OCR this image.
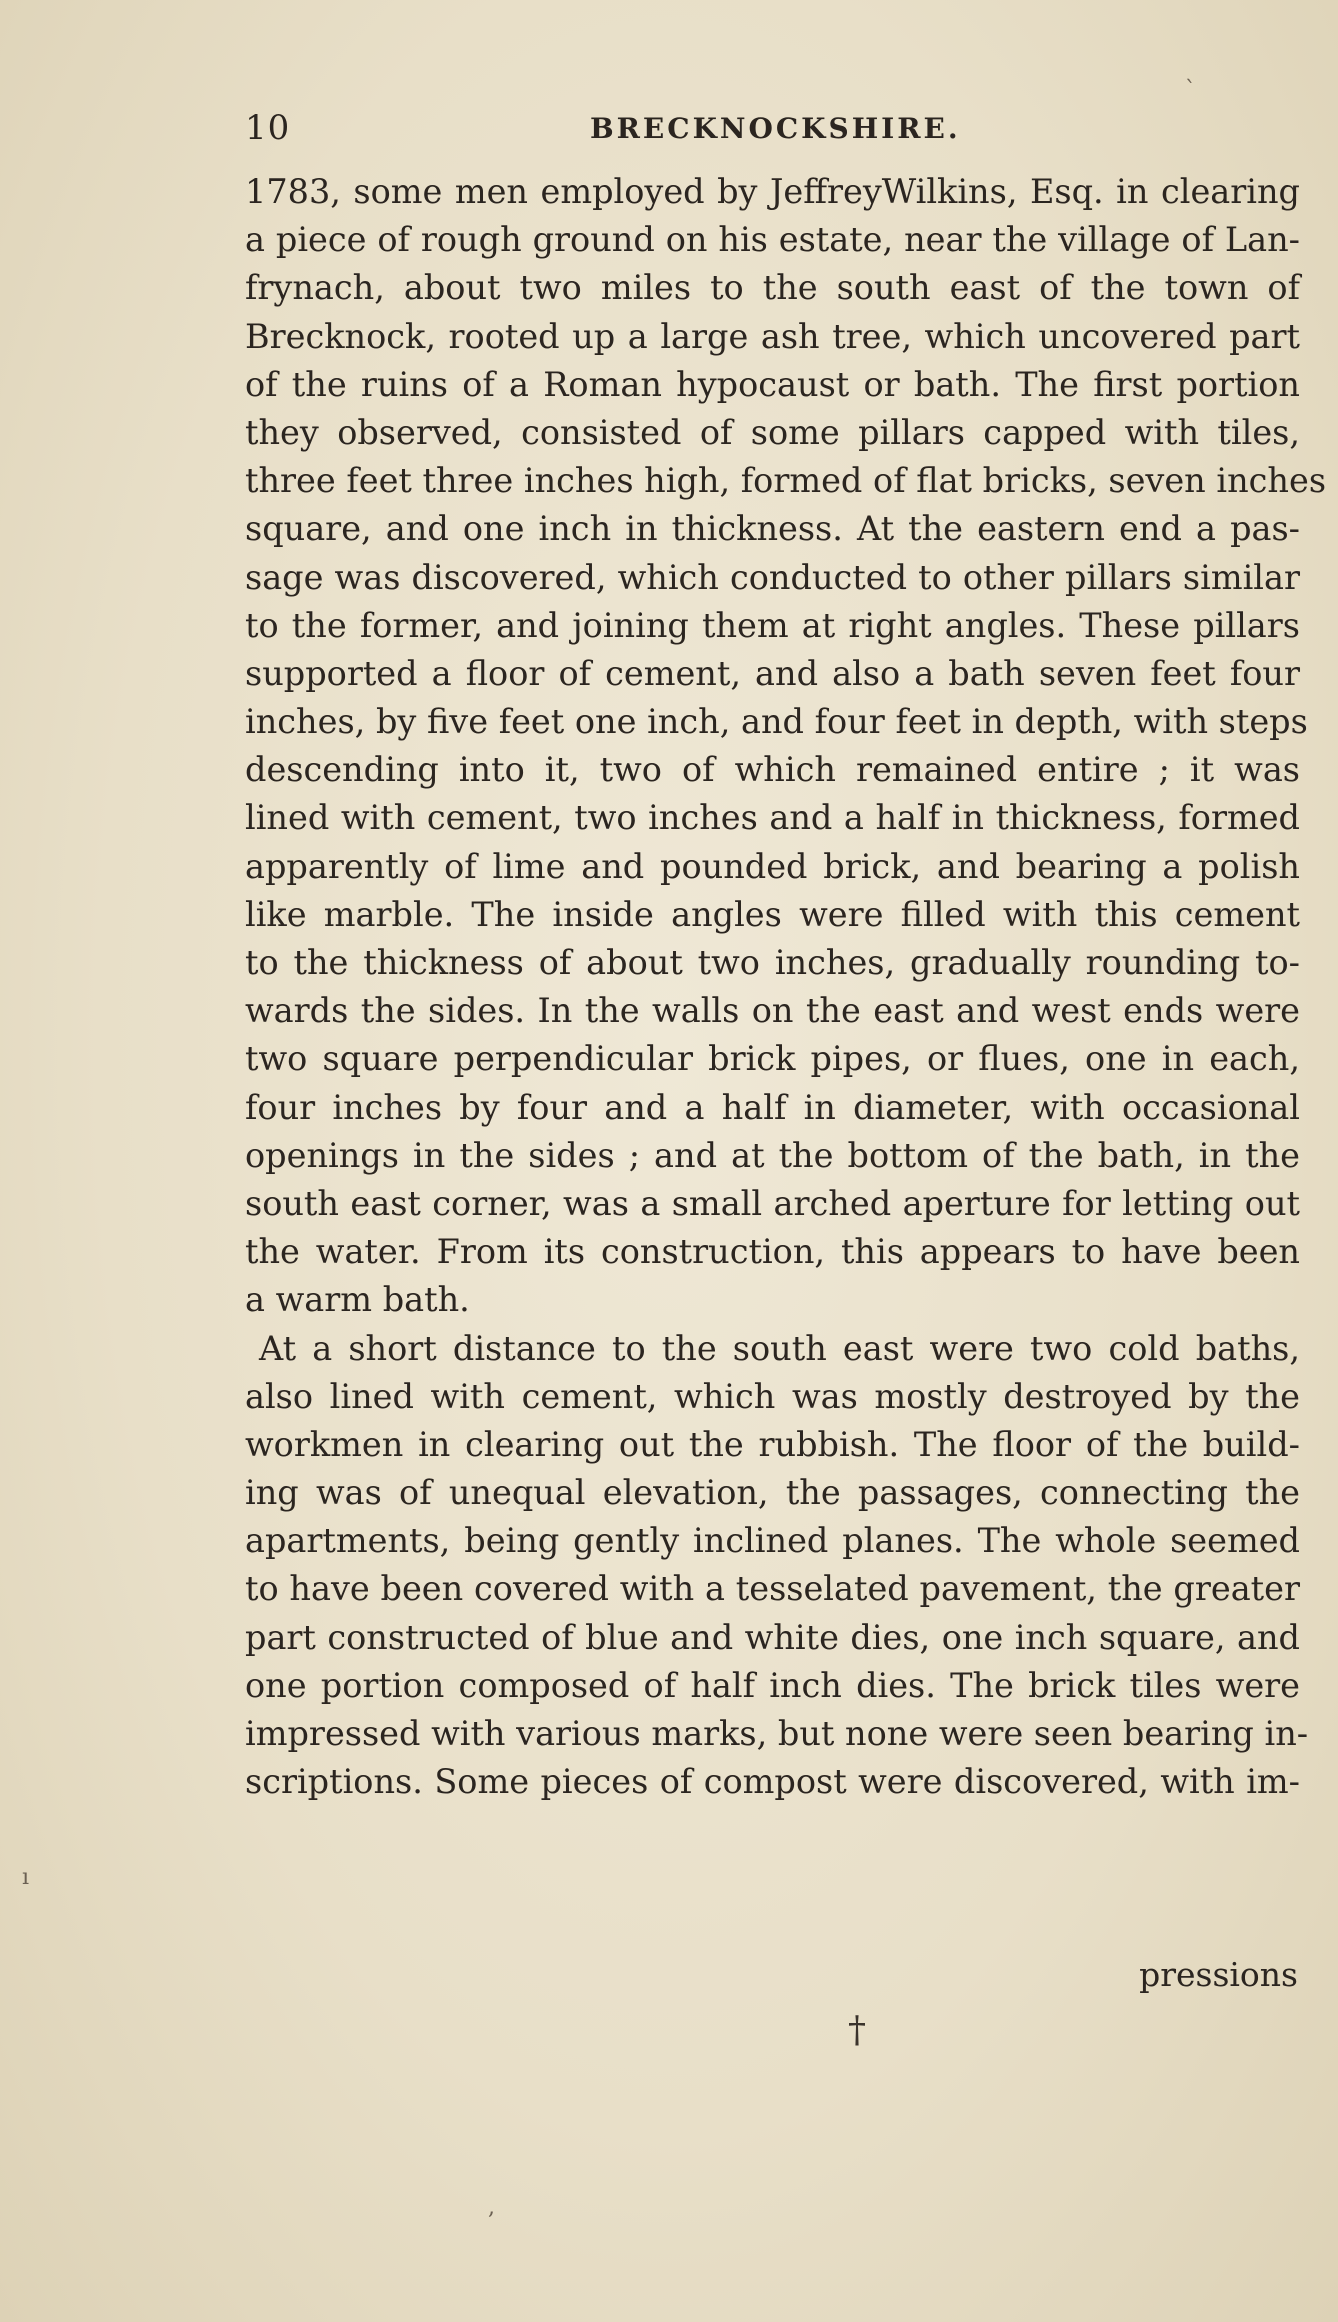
10	BRECKNOCKSHIRE.
1783, some men employed by JeffreyWilkins, Esq. in clearing
a piece of rough ground on his estate, near the village of Lan-
frynach, about two miles to the south east of the town of
Brecknock, rooted up a large ash tree, which uncovered part
of the ruins of a Roman hypocaust or bath. The first portion
they observed, consisted of some pillars capped with tiles,
three feet three inches high, formed of flat bricks, seven inches
square, and one inch in thickness. At the eastern end a pas-
sage was discovered, which conducted to other pillars similar
to the former, and joining them at right angles. These pillars
supported a floor of cement, and also a bath seven feet four
inches, by five feet one inch, and four feet in depth, with steps
descending into it, two of which remained entire ; it was
lined with cement, two inches and a half in thickness, formed
apparently of lime and pounded brick, and bearing a polish
like marble. The inside angles were filled with this cement
to the thickness of about two inches, gradually rounding to-
wards the sides. In the walls on the east and west ends were
two square perpendicular brick pipes, or flues, one in each,
four inches by four and a half in diameter, with occasional
openings in the sides ; and at the bottom of the bath, in the
south east corner, was a small arched aperture for letting out
the water. From its construction, this appears to have been
a warm bath.
At a short distance to the south east were two cold baths,
also lined with cement, which was mostly destroyed by the
workmen in clearing out the rubbish. The floor of the build-
ing was of unequal elevation, the passages, connecting the
apartments, being gently inclined planes. The whole seemed
to have been covered with a tesselated pavement, the greater
part constructed of blue and white dies, one inch square, and
one portion composed of half inch dies. The brick tiles were
impressed with various marks, but none were seen bearing in-
scriptions. Some pieces of compost were discovered, with im-
pressions
†
ˋ
ı
,
